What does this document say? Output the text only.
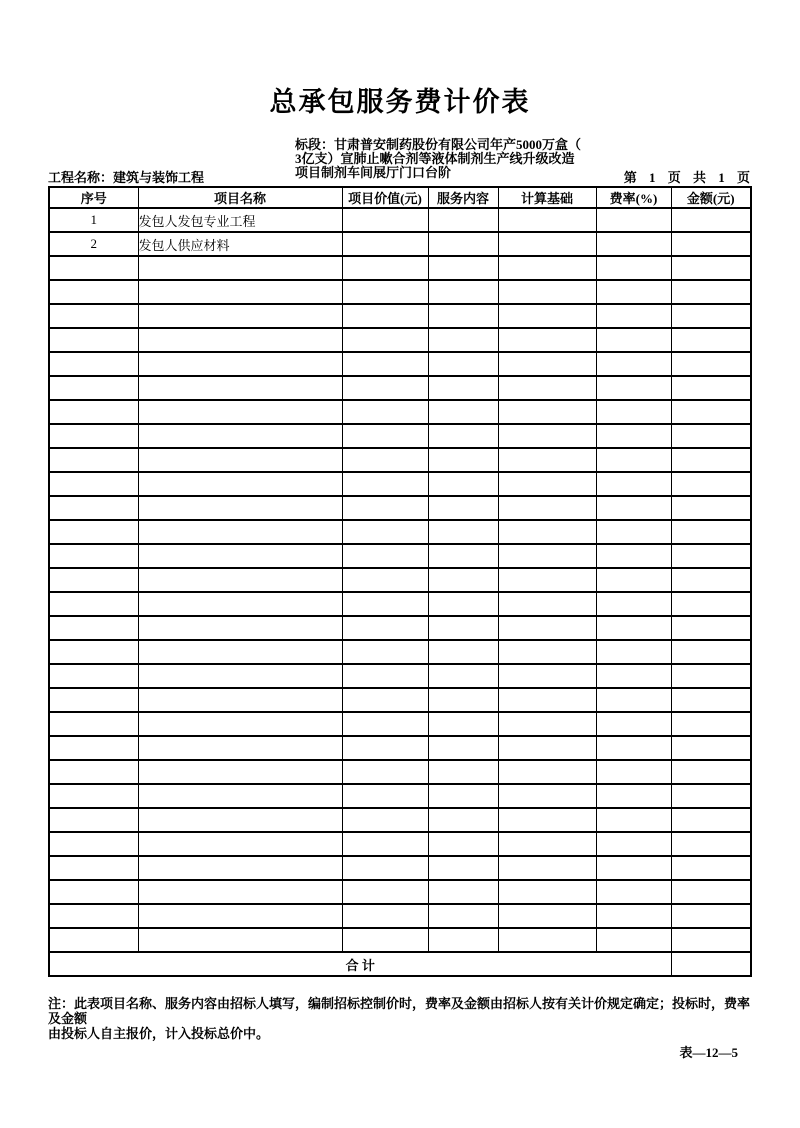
总承包服务费计价表
标段：甘肃普安制药股份有限公司年产5000万盒（
3亿支）宣肺止嗽合剂等液体制剂生产线升级改造
项目制剂车间展厅门口台阶
工程名称：建筑与装饰工程	第 1 页 共 1 页
序号	项目名称	项目价值(元)	服务内容	计算基础	费率(%)	金额(元)
1	发包人发包专业工程					
2	发包人供应材料					

合 计						
注：此表项目名称、服务内容由招标人填写，编制招标控制价时，费率及金额由招标人按有关计价规定确定；投标时，费率及金额
由投标人自主报价，计入投标总价中。
表—12—5
